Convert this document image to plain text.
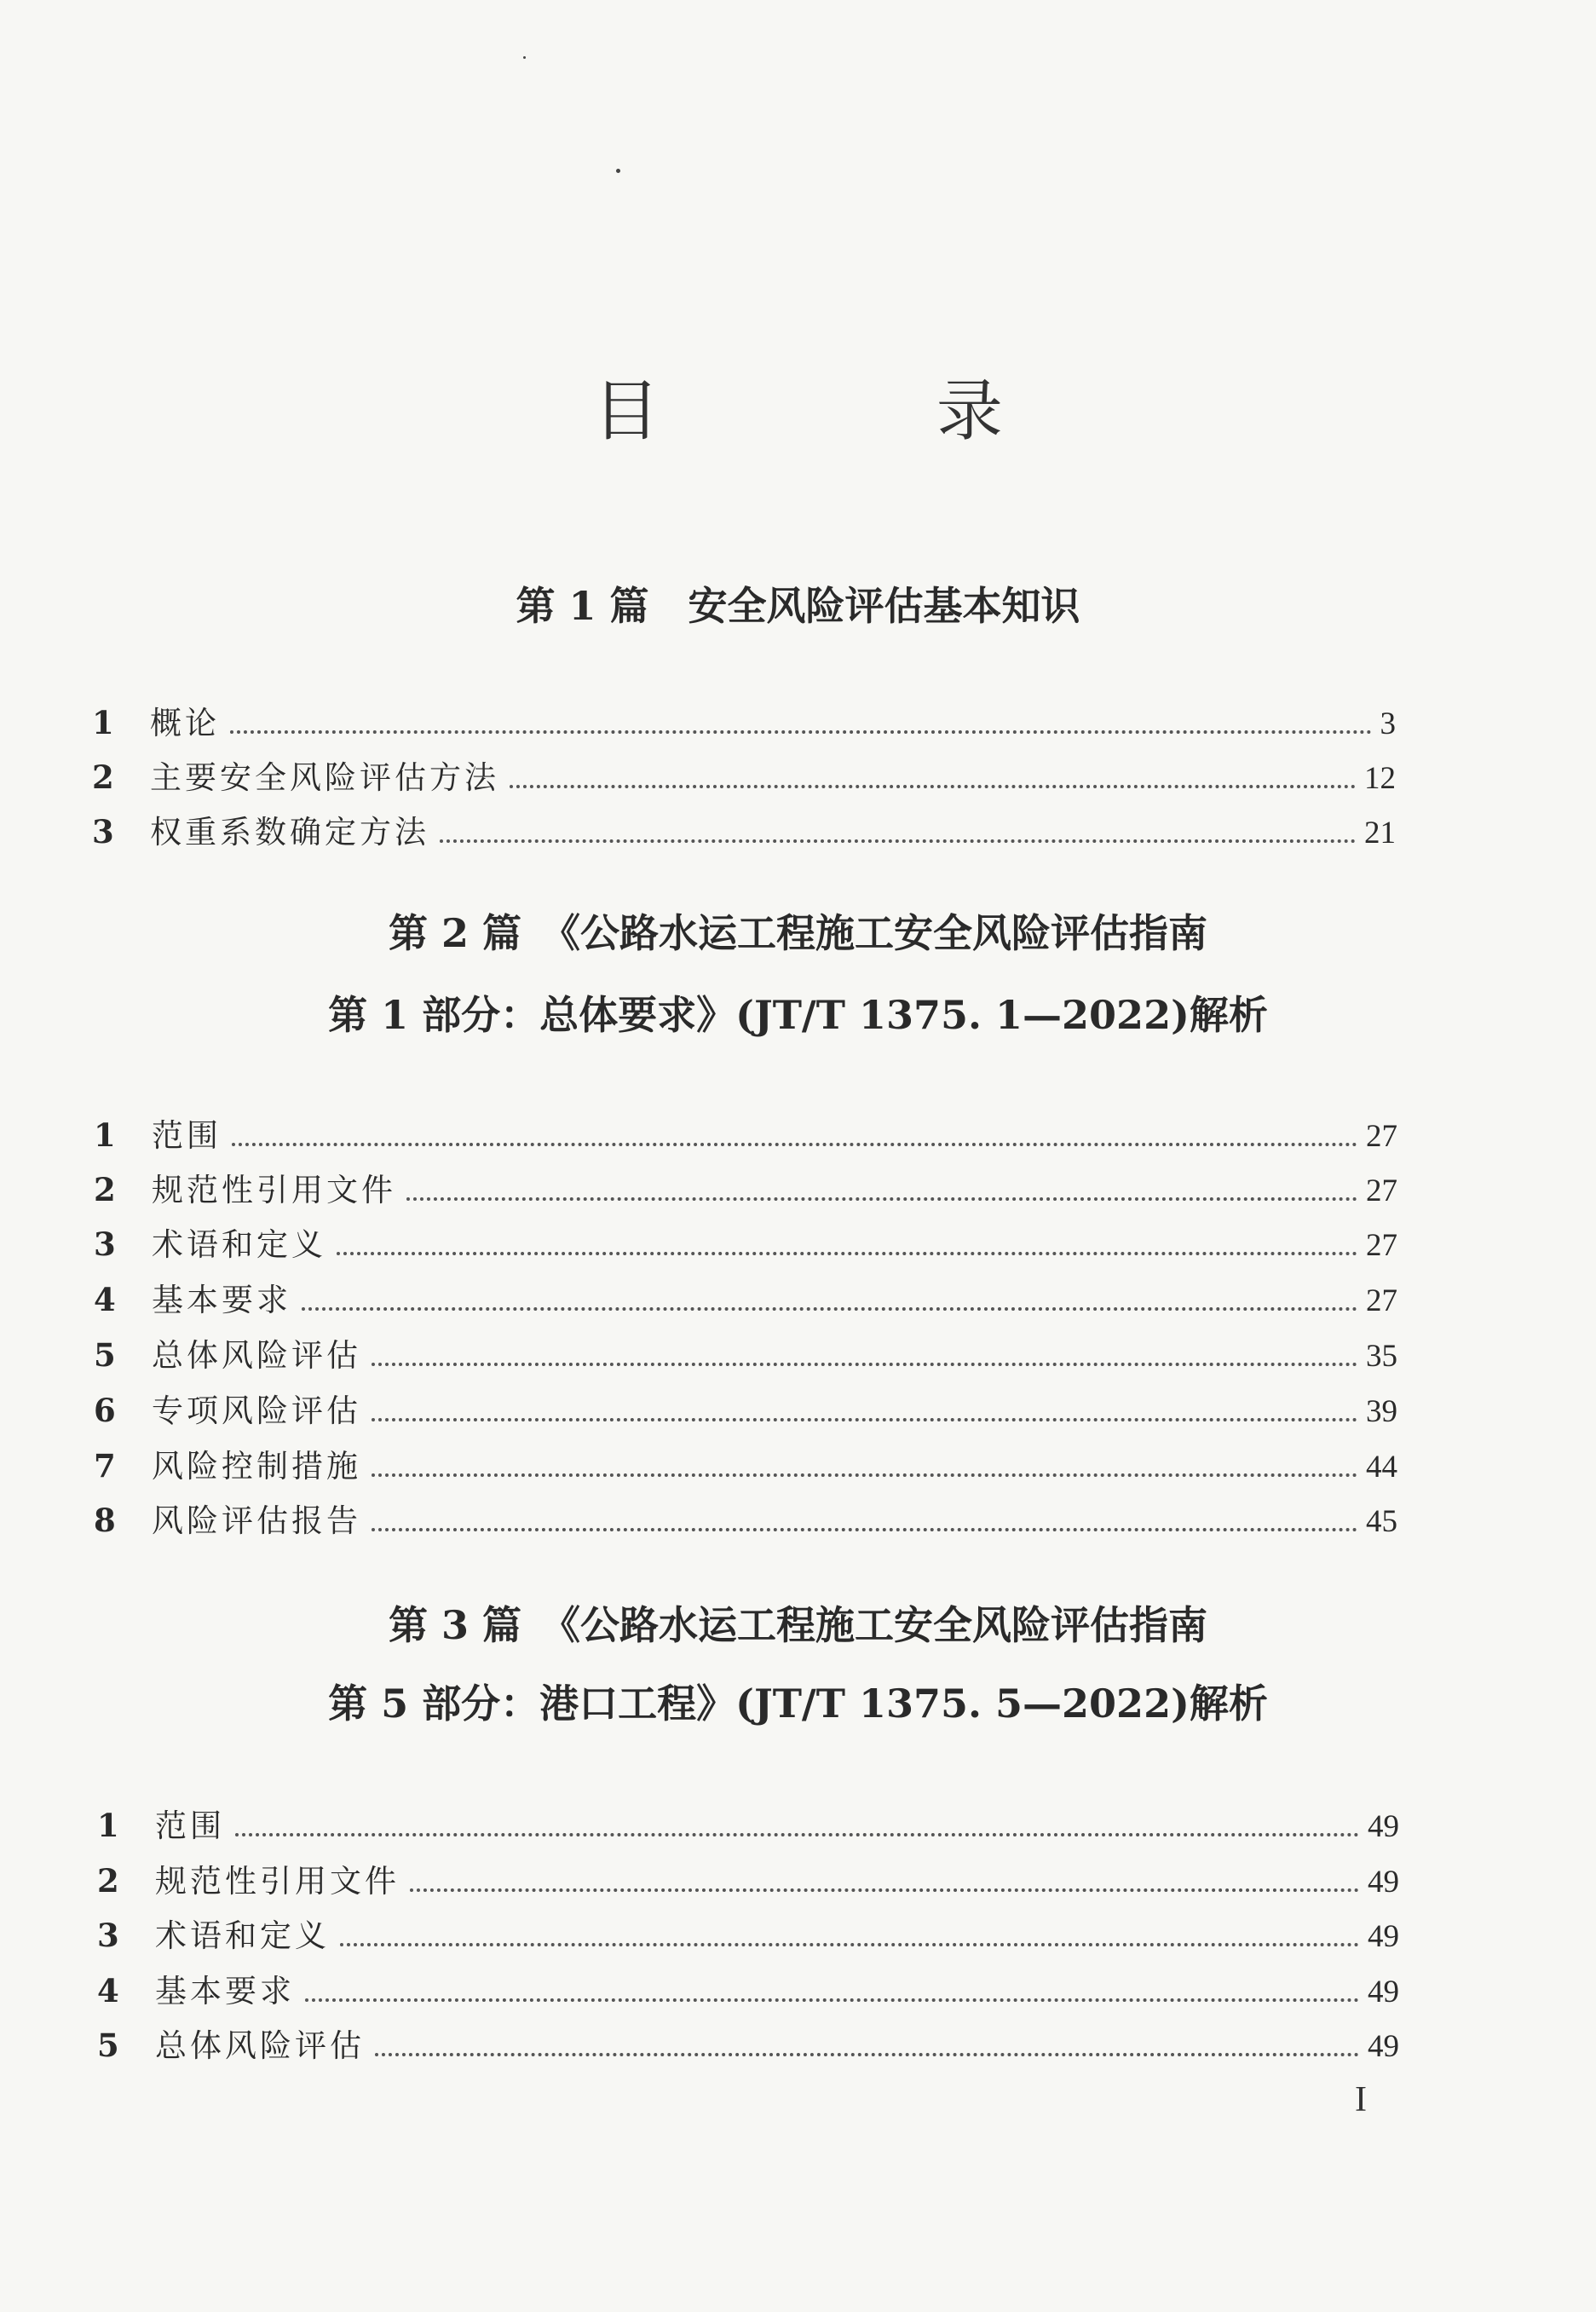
目 录
第 1 篇　安全风险评估基本知识
1	概论	3
2	主要安全风险评估方法	12
3	权重系数确定方法	21
第 2 篇　《公路水运工程施工安全风险评估指南
第 1 部分：总体要求》(JT/T 1375. 1—2022)解析
1	范围	27
2	规范性引用文件	27
3	术语和定义	27
4	基本要求	27
5	总体风险评估	35
6	专项风险评估	39
7	风险控制措施	44
8	风险评估报告	45
第 3 篇　《公路水运工程施工安全风险评估指南
第 5 部分：港口工程》(JT/T 1375. 5—2022)解析
1	范围	49
2	规范性引用文件	49
3	术语和定义	49
4	基本要求	49
5	总体风险评估	49
I
